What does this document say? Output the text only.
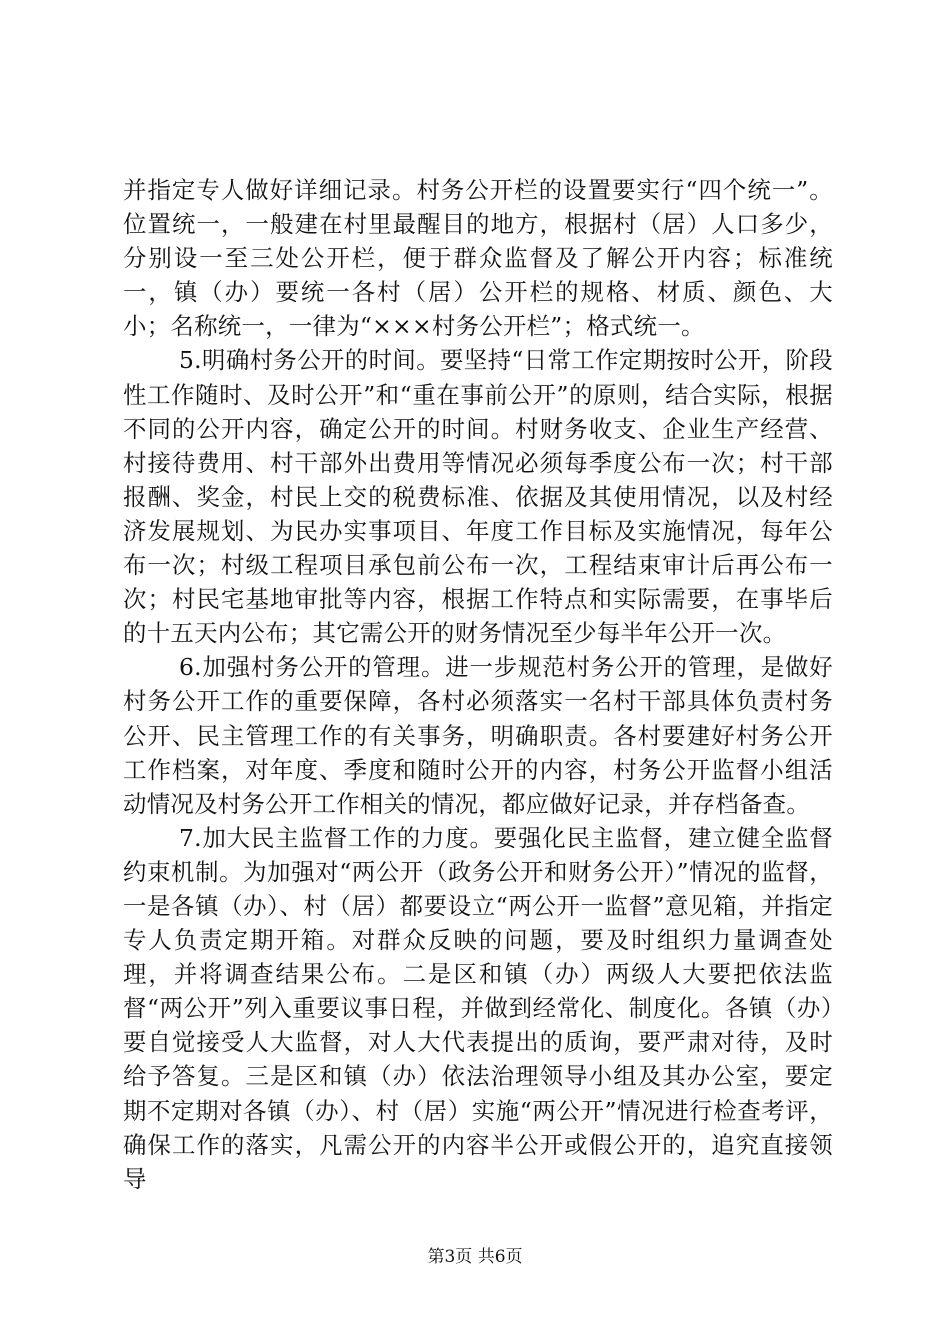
并指定专人做好详细记录。村务公开栏的设置要实行“四个统一”。位置统一，一般建在村里最醒目的地方，根据村（居）人口多少，分别设一至三处公开栏，便于群众监督及了解公开内容；标准统一，镇（办）要统一各村（居）公开栏的规格、材质、颜色、大小；名称统一，一律为“×××村务公开栏”；格式统一。

5.明确村务公开的时间。要坚持“日常工作定期按时公开，阶段性工作随时、及时公开”和“重在事前公开”的原则，结合实际，根据不同的公开内容，确定公开的时间。村财务收支、企业生产经营、村接待费用、村干部外出费用等情况必须每季度公布一次；村干部报酬、奖金，村民上交的税费标准、依据及其使用情况，以及村经济发展规划、为民办实事项目、年度工作目标及实施情况，每年公布一次；村级工程项目承包前公布一次，工程结束审计后再公布一次；村民宅基地审批等内容，根据工作特点和实际需要，在事毕后的十五天内公布；其它需公开的财务情况至少每半年公开一次。

6.加强村务公开的管理。进一步规范村务公开的管理，是做好村务公开工作的重要保障，各村必须落实一名村干部具体负责村务公开、民主管理工作的有关事务，明确职责。各村要建好村务公开工作档案，对年度、季度和随时公开的内容，村务公开监督小组活动情况及村务公开工作相关的情况，都应做好记录，并存档备查。

7.加大民主监督工作的力度。要强化民主监督，建立健全监督约束机制。为加强对“两公开（政务公开和财务公开）”情况的监督，一是各镇（办）、村（居）都要设立“两公开一监督”意见箱，并指定专人负责定期开箱。对群众反映的问题，要及时组织力量调查处理，并将调查结果公布。二是区和镇（办）两级人大要把依法监督“两公开”列入重要议事日程，并做到经常化、制度化。各镇（办）要自觉接受人大监督，对人大代表提出的质询，要严肃对待，及时给予答复。三是区和镇（办）依法治理领导小组及其办公室，要定期不定期对各镇（办）、村（居）实施“两公开”情况进行检查考评，确保工作的落实，凡需公开的内容半公开或假公开的，追究直接领导

第3页 共6页
